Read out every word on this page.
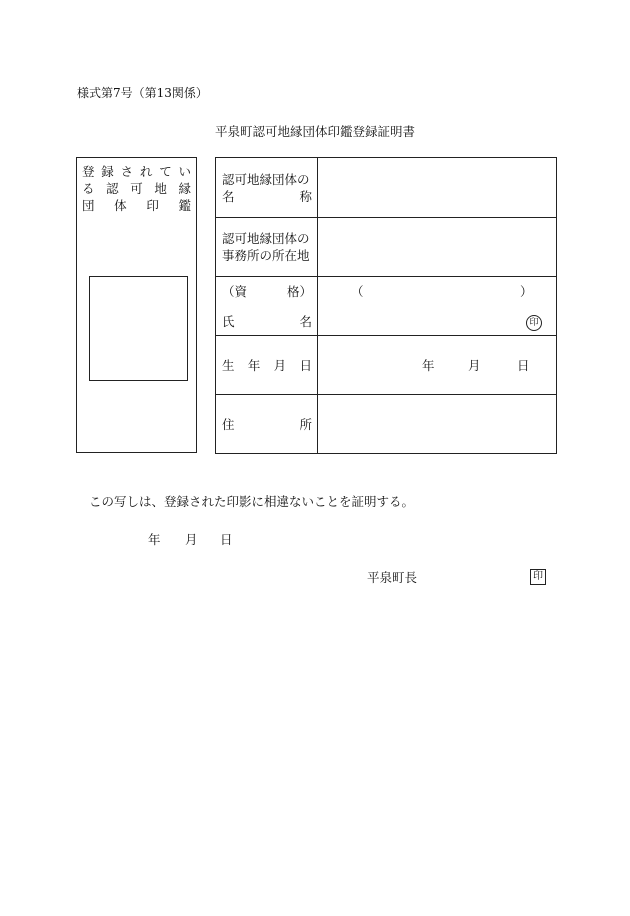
様式第7号（第13関係）
平泉町認可地縁団体印鑑登録証明書
登 録 さ れ て い
る 認 可 地 縁
団 体 印 鑑
認可地縁団体の
名	称
認可地縁団体の
事務所の所在地
（資	格）	（	）
氏	名	印
生 年 月 日	年	月	日
住	所
この写しは、登録された印影に相違ないことを証明する。
年 月 日
平泉町長	印
